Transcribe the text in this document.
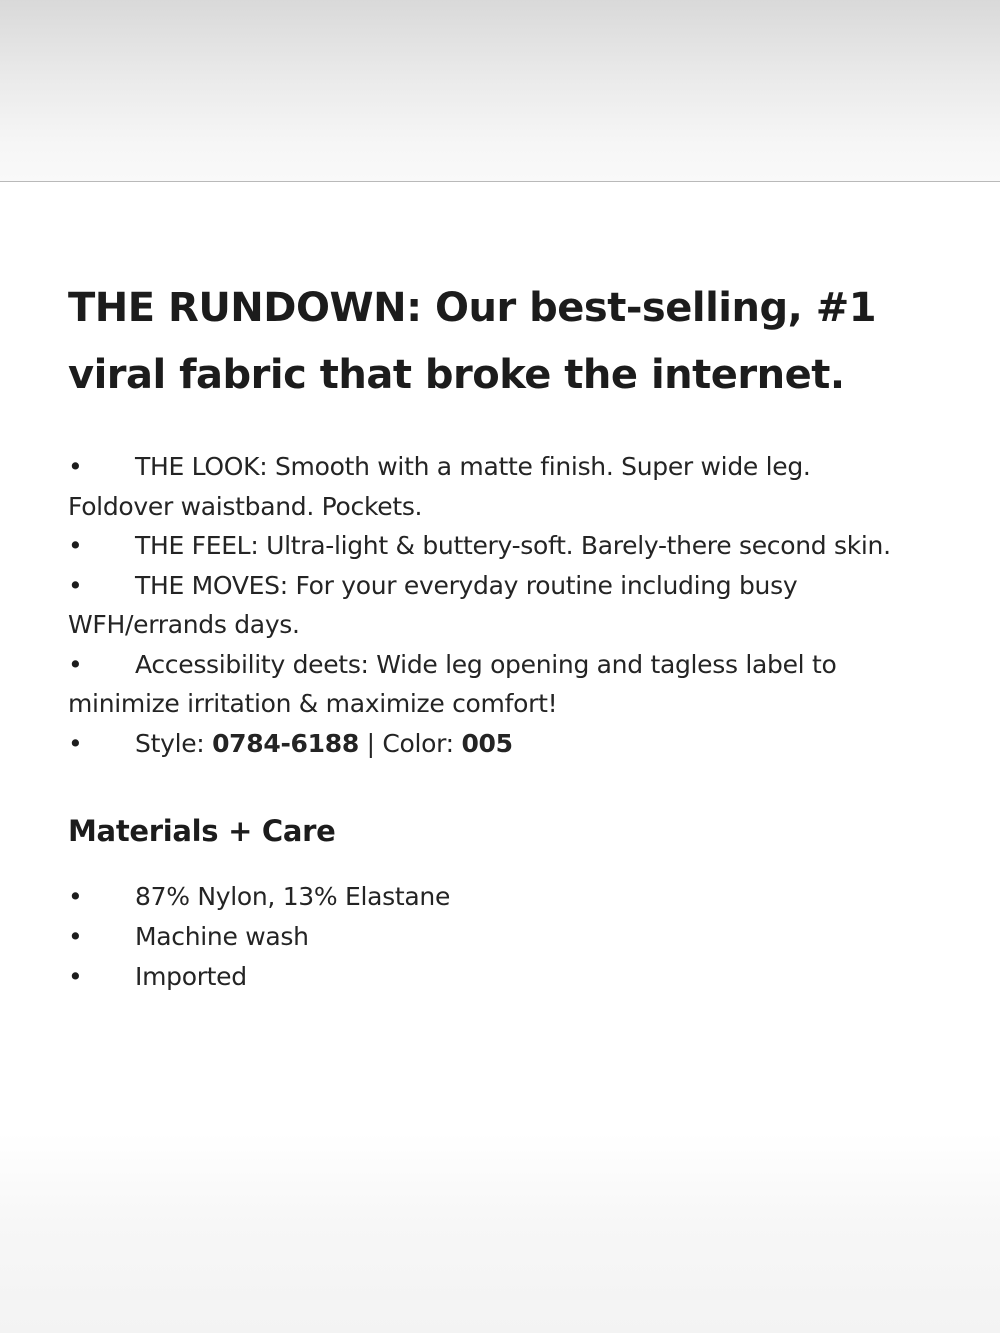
THE RUNDOWN: Our best-selling, #1 viral fabric that broke the internet.
• THE LOOK: Smooth with a matte finish. Super wide leg. Foldover waistband. Pockets.
• THE FEEL: Ultra-light & buttery-soft. Barely-there second skin.
• THE MOVES: For your everyday routine including busy WFH/errands days.
• Accessibility deets: Wide leg opening and tagless label to minimize irritation & maximize comfort!
• Style: 0784-6188 | Color: 005
Materials + Care
• 87% Nylon, 13% Elastane
• Machine wash
• Imported
